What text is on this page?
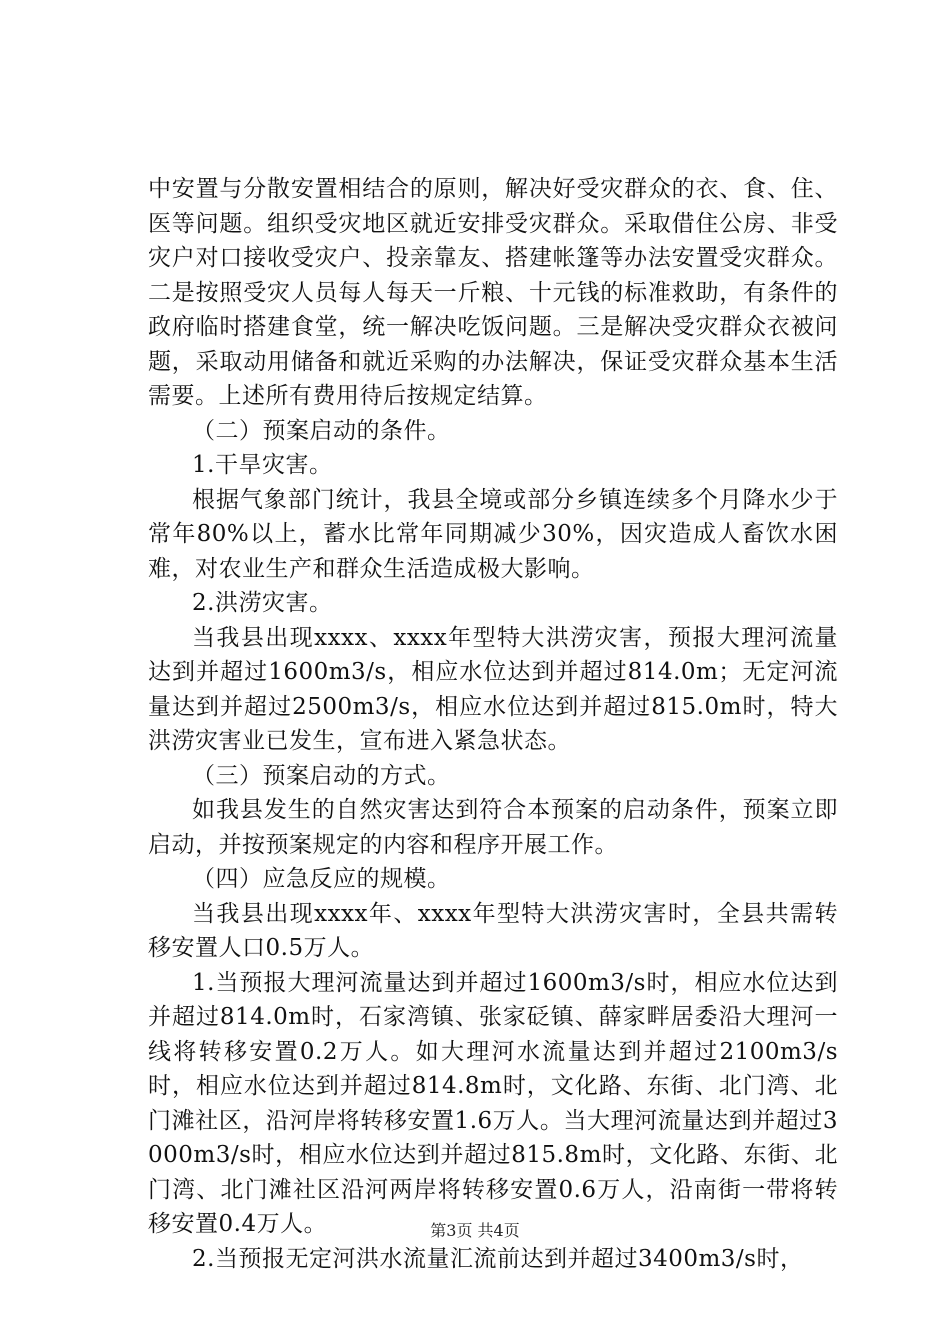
中安置与分散安置相结合的原则，解决好受灾群众的衣、食、住、医等问题。组织受灾地区就近安排受灾群众。采取借住公房、非受灾户对口接收受灾户、投亲靠友、搭建帐篷等办法安置受灾群众。二是按照受灾人员每人每天一斤粮、十元钱的标准救助，有条件的政府临时搭建食堂，统一解决吃饭问题。三是解决受灾群众衣被问题，采取动用储备和就近采购的办法解决，保证受灾群众基本生活需要。上述所有费用待后按规定结算。

（二）预案启动的条件。

1.干旱灾害。

根据气象部门统计，我县全境或部分乡镇连续多个月降水少于常年80%以上，蓄水比常年同期减少30%，因灾造成人畜饮水困难，对农业生产和群众生活造成极大影响。

2.洪涝灾害。

当我县出现xxxx、xxxx年型特大洪涝灾害，预报大理河流量达到并超过1600m3/s，相应水位达到并超过814.0m；无定河流量达到并超过2500m3/s，相应水位达到并超过815.0m时，特大洪涝灾害业已发生，宣布进入紧急状态。

（三）预案启动的方式。

如我县发生的自然灾害达到符合本预案的启动条件，预案立即启动，并按预案规定的内容和程序开展工作。

（四）应急反应的规模。

当我县出现xxxx年、xxxx年型特大洪涝灾害时，全县共需转移安置人口0.5万人。

1.当预报大理河流量达到并超过1600m3/s时，相应水位达到并超过814.0m时，石家湾镇、张家砭镇、薛家畔居委沿大理河一线将转移安置0.2万人。如大理河水流量达到并超过2100m3/s时，相应水位达到并超过814.8m时，文化路、东街、北门湾、北门滩社区，沿河岸将转移安置1.6万人。当大理河流量达到并超过3000m3/s时，相应水位达到并超过815.8m时，文化路、东街、北门湾、北门滩社区沿河两岸将转移安置0.6万人，沿南街一带将转移安置0.4万人。

2.当预报无定河洪水流量汇流前达到并超过3400m3/s时，

第3页 共4页
